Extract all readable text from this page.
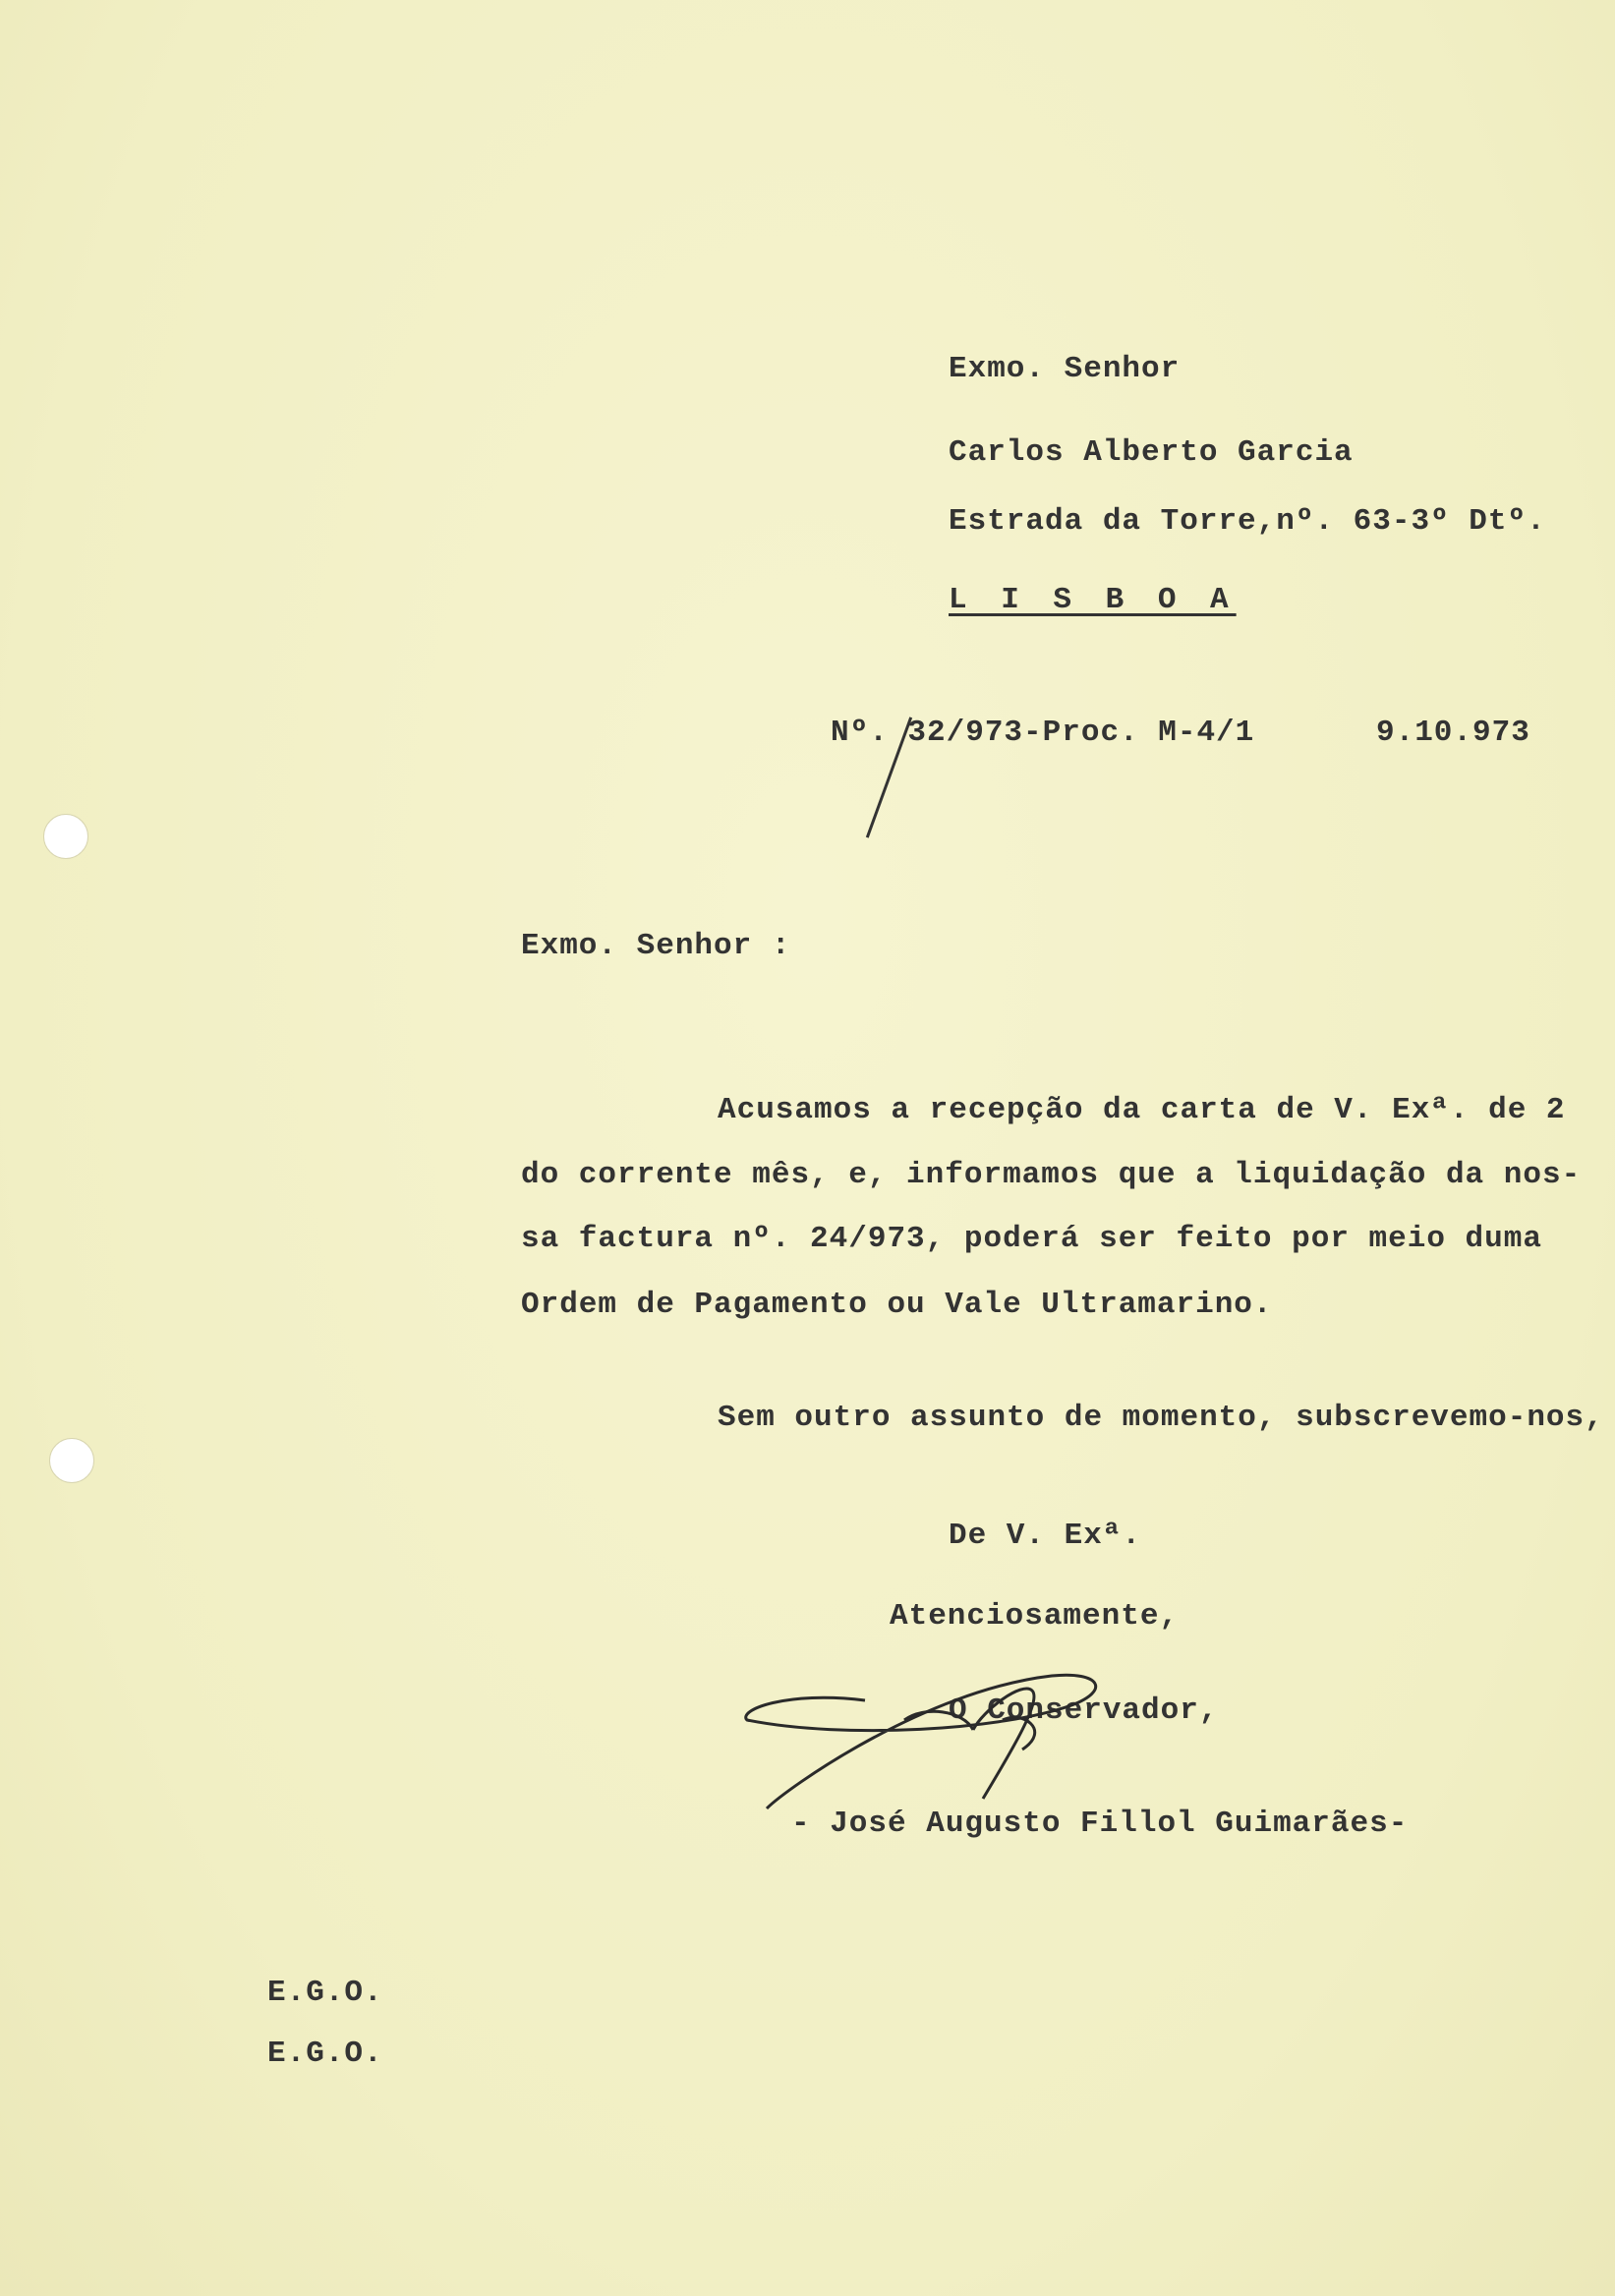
Exmo. Senhor
Carlos Alberto Garcia
Estrada da Torre,nº. 63-3º Dtº.
L I S B O A
Nº. 32/973-Proc. M-4/1	9.10.973
Exmo. Senhor :
Acusamos a recepção da carta de V. Exª. de 2
do corrente mês, e, informamos que a liquidação da nos-
sa factura nº. 24/973, poderá ser feito por meio duma
Ordem de Pagamento ou Vale Ultramarino.
Sem outro assunto de momento, subscrevemo-nos,
De V. Exª.
Atenciosamente,
O Conservador,
- José Augusto Fillol Guimarães-
E.G.O.
E.G.O.
